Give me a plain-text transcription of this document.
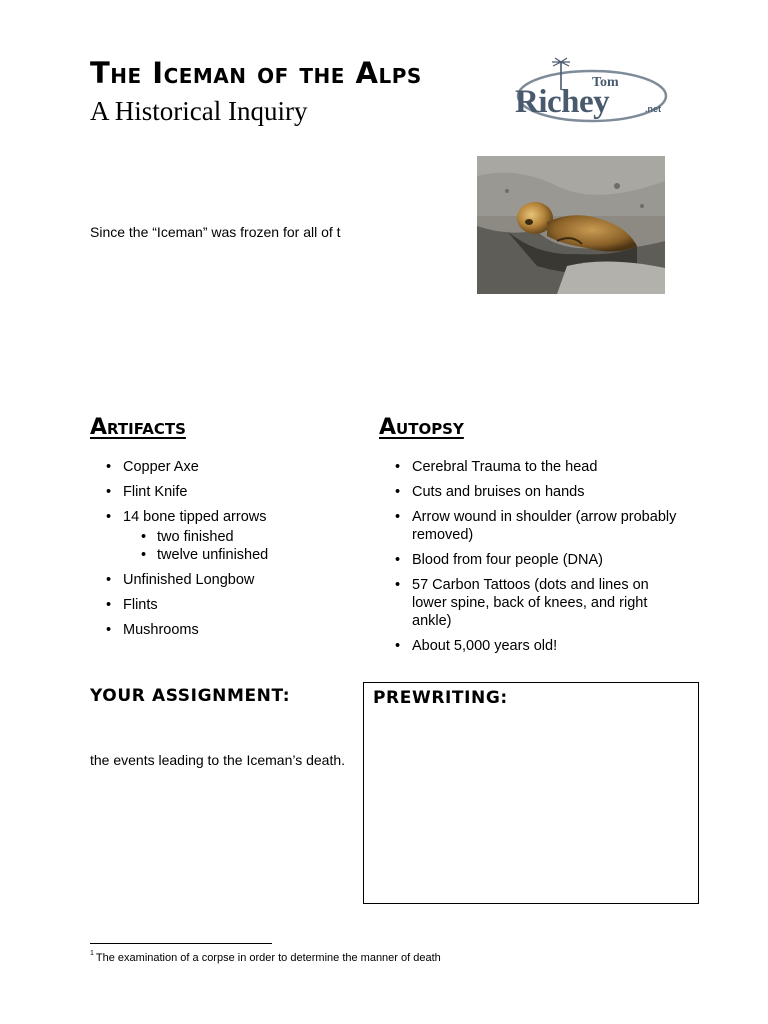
The Iceman of the Alps
A Historical Inquiry
Tom
Richey	.net
Since the “Iceman” was frozen for all of t
Artifacts
• Copper Axe
• Flint Knife
• 14 bone tipped arrows
• two finished
• twelve unfinished
• Unfinished Longbow
• Flints
• Mushrooms
Autopsy
• Cerebral Trauma to the head
• Cuts and bruises on hands
• Arrow wound in shoulder (arrow probably removed)
• Blood from four people (DNA)
• 57 Carbon Tattoos (dots and lines on lower spine, back of knees, and right ankle)
• About 5,000 years old!
YOUR ASSIGNMENT:
the events leading to the Iceman’s death.
PREWRITING:
$^1$ The examination of a corpse in order to determine the manner of death
